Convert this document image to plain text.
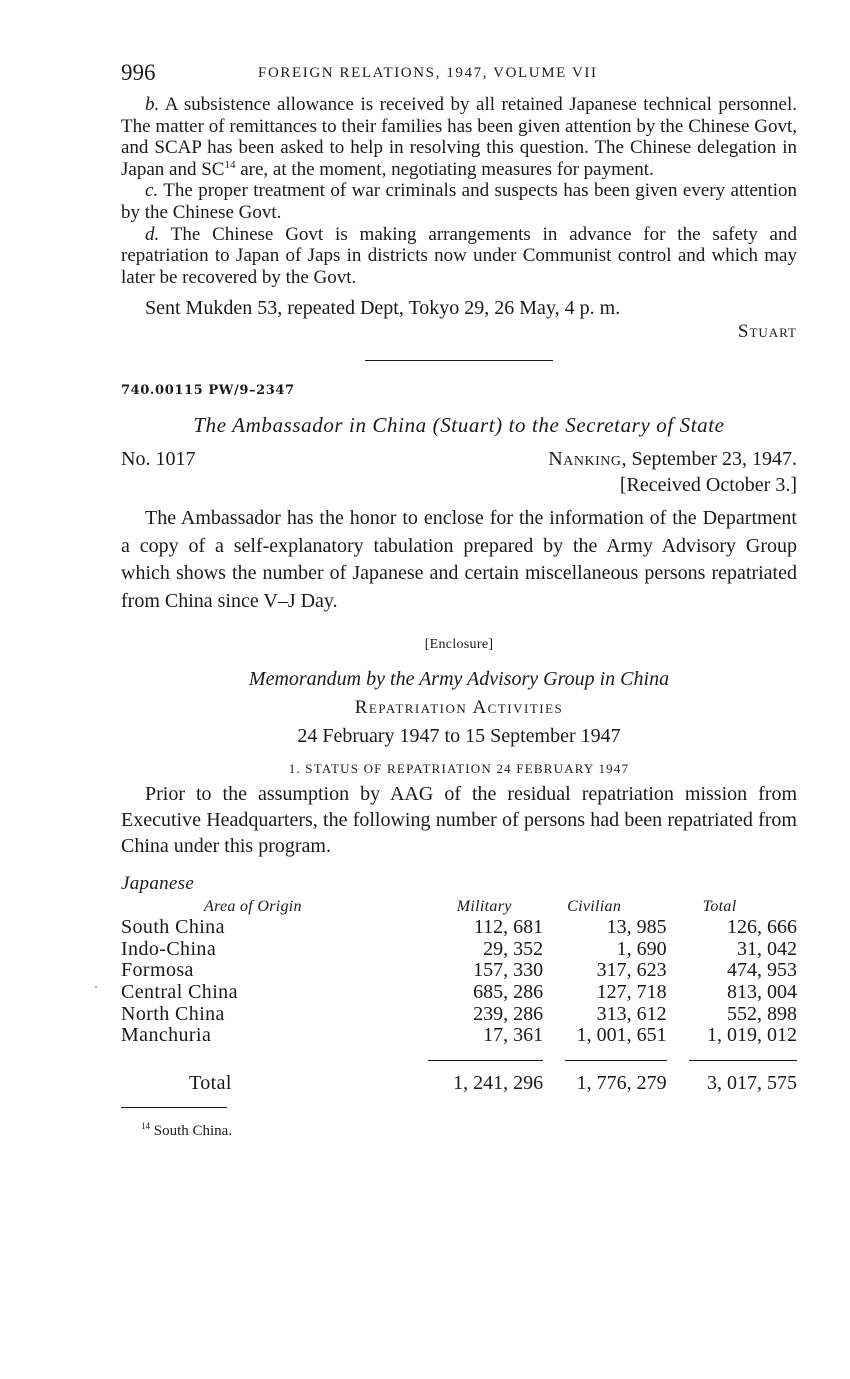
996	FOREIGN RELATIONS, 1947, VOLUME VII

b. A subsistence allowance is received by all retained Japanese technical personnel. The matter of remittances to their families has been given attention by the Chinese Govt, and SCAP has been asked to help in resolving this question. The Chinese delegation in Japan and SC$^{14}$ are, at the moment, negotiating measures for payment.

c. The proper treatment of war criminals and suspects has been given every attention by the Chinese Govt.

d. The Chinese Govt is making arrangements in advance for the safety and repatriation to Japan of Japs in districts now under Communist control and which may later be recovered by the Govt.

Sent Mukden 53, repeated Dept, Tokyo 29, 26 May, 4 p. m.
Stuart
740.00115 PW/9–2347
The Ambassador in China (Stuart) to the Secretary of State
No. 1017	Nanking, September 23, 1947.
[Received October 3.]

The Ambassador has the honor to enclose for the information of the Department a copy of a self-explanatory tabulation prepared by the Army Advisory Group which shows the number of Japanese and certain miscellaneous persons repatriated from China since V–J Day.

[Enclosure]
Memorandum by the Army Advisory Group in China
Repatriation Activities
24 February 1947 to 15 September 1947
1. STATUS OF REPATRIATION 24 FEBRUARY 1947

Prior to the assumption by AAG of the residual repatriation mission from Executive Headquarters, the following number of persons had been repatriated from China under this program.

Japanese
Area of Origin	Military	Civilian	Total
South China	112, 681	13, 985	126, 666
Indo-China	29, 352	1, 690	31, 042
Formosa	157, 330	317, 623	474, 953
Central China	685, 286	127, 718	813, 004
North China	239, 286	313, 612	552, 898
Manchuria	17, 361	1, 001, 651	1, 019, 012

Total	1, 241, 296	1, 776, 279	3, 017, 575
$^{14}$ South China.
